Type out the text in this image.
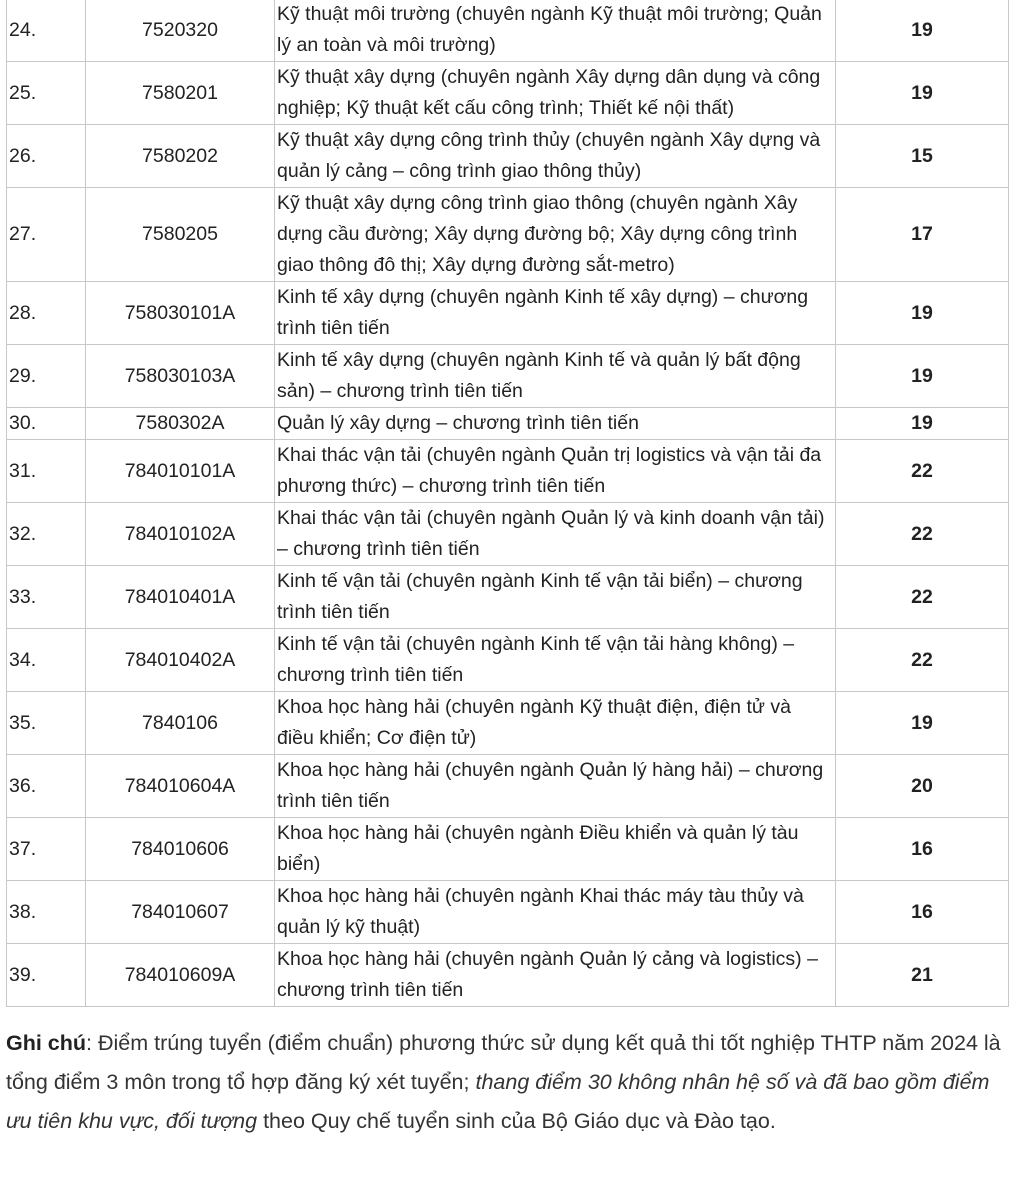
24.	7520320	Kỹ thuật môi trường (chuyên ngành Kỹ thuật môi trường; Quản lý an toàn và môi trường)	19
25.	7580201	Kỹ thuật xây dựng (chuyên ngành Xây dựng dân dụng và công nghiệp; Kỹ thuật kết cấu công trình; Thiết kế nội thất)	19
26.	7580202	Kỹ thuật xây dựng công trình thủy (chuyên ngành Xây dựng và quản lý cảng – công trình giao thông thủy)	15
27.	7580205	Kỹ thuật xây dựng công trình giao thông (chuyên ngành Xây dựng cầu đường; Xây dựng đường bộ; Xây dựng công trình giao thông đô thị; Xây dựng đường sắt-metro)	17
28.	758030101A	Kinh tế xây dựng (chuyên ngành Kinh tế xây dựng) – chương trình tiên tiến	19
29.	758030103A	Kinh tế xây dựng (chuyên ngành Kinh tế và quản lý bất động sản) – chương trình tiên tiến	19
30.	7580302A	Quản lý xây dựng – chương trình tiên tiến	19
31.	784010101A	Khai thác vận tải (chuyên ngành Quản trị logistics và vận tải đa phương thức) – chương trình tiên tiến	22
32.	784010102A	Khai thác vận tải (chuyên ngành Quản lý và kinh doanh vận tải) – chương trình tiên tiến	22
33.	784010401A	Kinh tế vận tải (chuyên ngành Kinh tế vận tải biển) – chương trình tiên tiến	22
34.	784010402A	Kinh tế vận tải (chuyên ngành Kinh tế vận tải hàng không) – chương trình tiên tiến	22
35.	7840106	Khoa học hàng hải (chuyên ngành Kỹ thuật điện, điện tử và điều khiển; Cơ điện tử)	19
36.	784010604A	Khoa học hàng hải (chuyên ngành Quản lý hàng hải) – chương trình tiên tiến	20
37.	784010606	Khoa học hàng hải (chuyên ngành Điều khiển và quản lý tàu biển)	16
38.	784010607	Khoa học hàng hải (chuyên ngành Khai thác máy tàu thủy và quản lý kỹ thuật)	16
39.	784010609A	Khoa học hàng hải (chuyên ngành Quản lý cảng và logistics) – chương trình tiên tiến	21

Ghi chú: Điểm trúng tuyển (điểm chuẩn) phương thức sử dụng kết quả thi tốt nghiệp THTP năm 2024 là tổng điểm 3 môn trong tổ hợp đăng ký xét tuyển; thang điểm 30 không nhân hệ số và đã bao gồm điểm ưu tiên khu vực, đối tượng theo Quy chế tuyển sinh của Bộ Giáo dục và Đào tạo.
